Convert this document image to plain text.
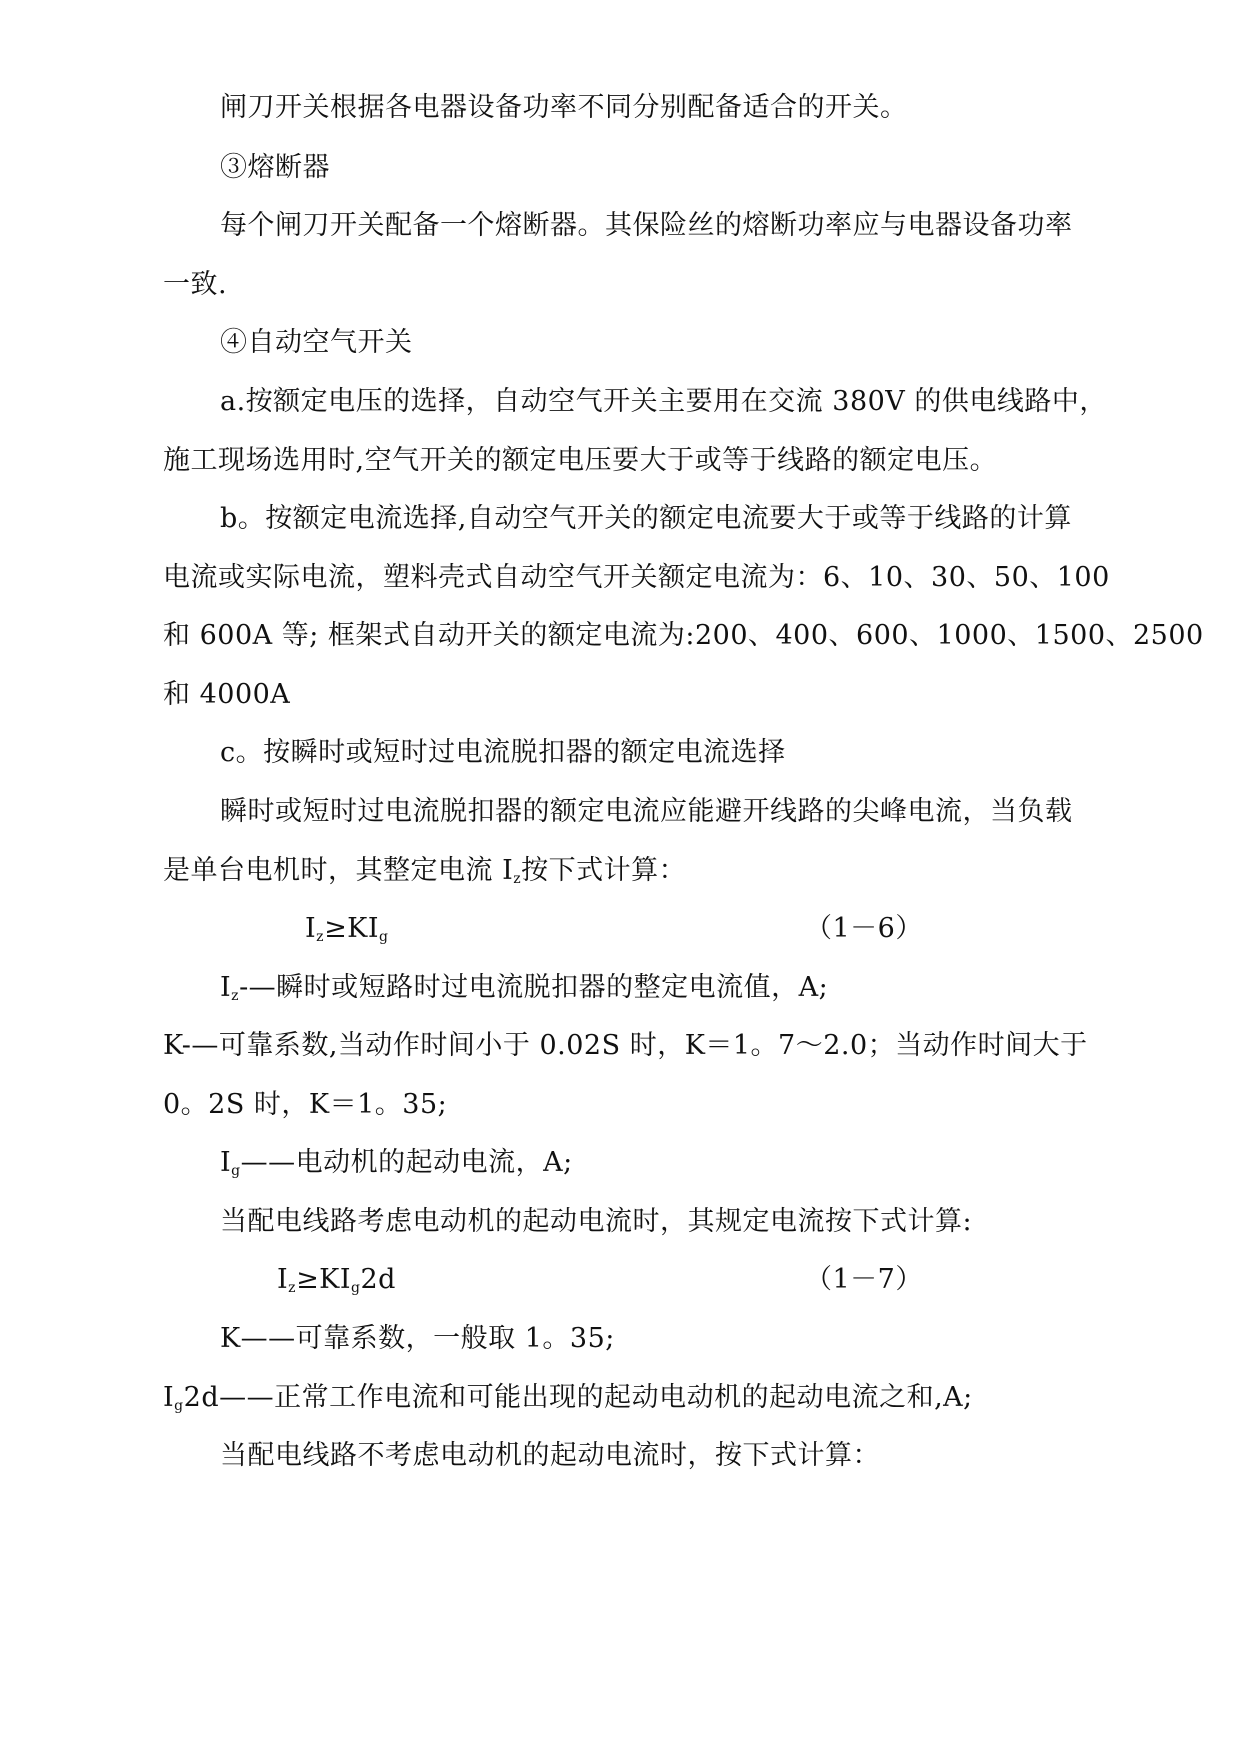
闸刀开关根据各电器设备功率不同分别配备适合的开关。
③熔断器
每个闸刀开关配备一个熔断器。其保险丝的熔断功率应与电器设备功率
一致.
④自动空气开关
a.按额定电压的选择，自动空气开关主要用在交流 380V 的供电线路中，
施工现场选用时,空气开关的额定电压要大于或等于线路的额定电压。
b。按额定电流选择,自动空气开关的额定电流要大于或等于线路的计算
电流或实际电流，塑料壳式自动空气开关额定电流为：6、10、30、50、100
和 600A 等; 框架式自动开关的额定电流为:200、400、600、1000、1500、2500
和 4000A
c。按瞬时或短时过电流脱扣器的额定电流选择
瞬时或短时过电流脱扣器的额定电流应能避开线路的尖峰电流，当负载
是单台电机时，其整定电流 $I_z$按下式计算：
$I_z\ge KI_g$	（1－6）
$I_z-—$瞬时或短路时过电流脱扣器的整定电流值，A;
K-—可靠系数,当动作时间小于 0.02S 时，K＝1。7～2.0；当动作时间大于
0。2S 时，K＝1。35;
$I_g——$电动机的起动电流，A;
当配电线路考虑电动机的起动电流时，其规定电流按下式计算:
$I_z\ge KI_g2d$	（1－7）
K——可靠系数，一般取 1。35;
$I_g2d——$正常工作电流和可能出现的起动电动机的起动电流之和,A;
当配电线路不考虑电动机的起动电流时，按下式计算：
